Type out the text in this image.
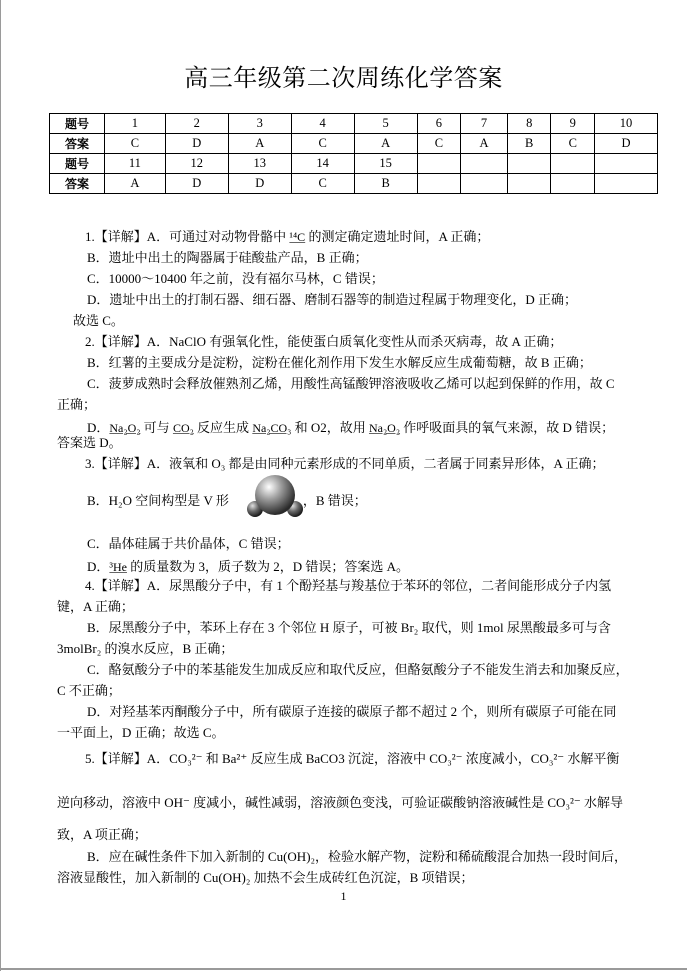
高三年级第二次周练化学答案
题号	1	2	3	4	5	6	7	8	9	10
答案	C	D	A	C	A	C	A	B	C	D
题号	11	12	13	14	15					
答案	A	D	D	C	B					
1.【详解】A．可通过对动物骨骼中 ¹⁴C 的测定确定遗址时间，A 正确；
B．遗址中出土的陶器属于硅酸盐产品，B 正确；
C．10000～10400 年之前，没有福尔马林，C 错误；
D．遗址中出土的打制石器、细石器、磨制石器等的制造过程属于物理变化，D 正确；
故选 C。
2.【详解】A．NaClO 有强氧化性，能使蛋白质氧化变性从而杀灭病毒，故 A 正确；
B．红薯的主要成分是淀粉，淀粉在催化剂作用下发生水解反应生成葡萄糖，故 B 正确；
C．菠萝成熟时会释放催熟剂乙烯，用酸性高锰酸钾溶液吸收乙烯可以起到保鲜的作用，故 C
正确；
D．Na₂O₂ 可与 CO₂ 反应生成 Na₂CO₃ 和 O2，故用 Na₂O₂ 作呼吸面具的氧气来源，故 D 错误；
答案选 D。
3.【详解】A．液氧和 O₃ 都是由同种元素形成的不同单质，二者属于同素异形体，A 正确；
B．H₂O 空间构型是 V 形	，B 错误；
C．晶体硅属于共价晶体，C 错误；
D．³He 的质量数为 3，质子数为 2，D 错误；答案选 A。
4.【详解】A．尿黑酸分子中，有 1 个酚羟基与羧基位于苯环的邻位，二者间能形成分子内氢
键，A 正确；
B．尿黑酸分子中，苯环上存在 3 个邻位 H 原子，可被 Br₂ 取代，则 1mol 尿黑酸最多可与含
3molBr₂ 的溴水反应，B 正确；
C．酪氨酸分子中的苯基能发生加成反应和取代反应，但酪氨酸分子不能发生消去和加聚反应，
C 不正确；
D．对羟基苯丙酮酸分子中，所有碳原子连接的碳原子都不超过 2 个，则所有碳原子可能在同
一平面上，D 正确；故选 C。
5.【详解】A．CO₃²⁻ 和 Ba²⁺ 反应生成 BaCO3 沉淀，溶液中 CO₃²⁻ 浓度减小，CO₃²⁻ 水解平衡
逆向移动，溶液中 OH⁻ 度减小，碱性减弱，溶液颜色变浅，可验证碳酸钠溶液碱性是 CO₃²⁻ 水解导
致，A 项正确；
B．应在碱性条件下加入新制的 Cu(OH)₂，检验水解产物，淀粉和稀硫酸混合加热一段时间后，
溶液显酸性，加入新制的 Cu(OH)₂ 加热不会生成砖红色沉淀，B 项错误；
1
